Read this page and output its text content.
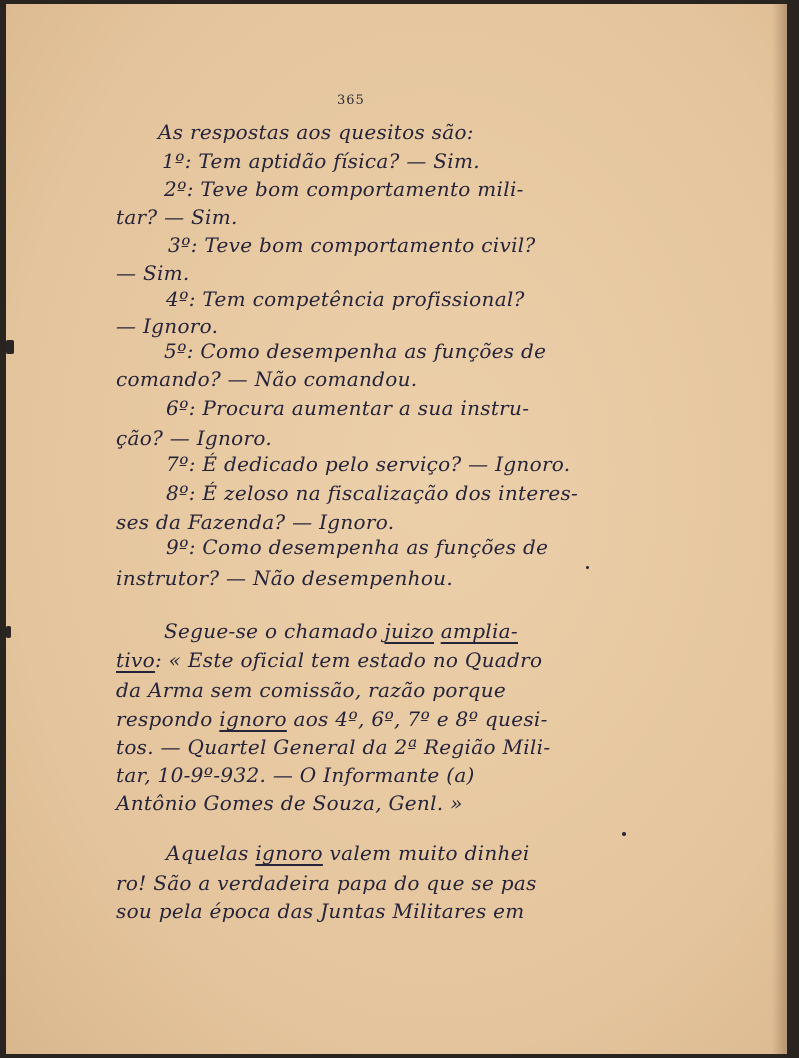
365
As respostas aos quesitos são:
1º: Tem aptidão física? — Sim.
2º: Teve bom comportamento mili-
tar? — Sim.
3º: Teve bom comportamento civil?
— Sim.
4º: Tem competência profissional?
— Ignoro.
5º: Como desempenha as funções de
comando? — Não comandou.
6º: Procura aumentar a sua instru-
ção? — Ignoro.
7º: É dedicado pelo serviço? — Ignoro.
8º: É zeloso na fiscalização dos interes-
ses da Fazenda? — Ignoro.
9º: Como desempenha as funções de
instrutor? — Não desempenhou.
Segue-se o chamado juizo amplia-
tivo: « Este oficial tem estado no Quadro
da Arma sem comissão, razão porque
respondo ignoro aos 4º, 6º, 7º e 8º quesi-
tos. — Quartel General da 2ª Região Mili-
tar, 10-9º-932. — O Informante (a)
Antônio Gomes de Souza, Genl. »
Aquelas ignoro valem muito dinhei
ro! São a verdadeira papa do que se pas
sou pela época das Juntas Militares em
